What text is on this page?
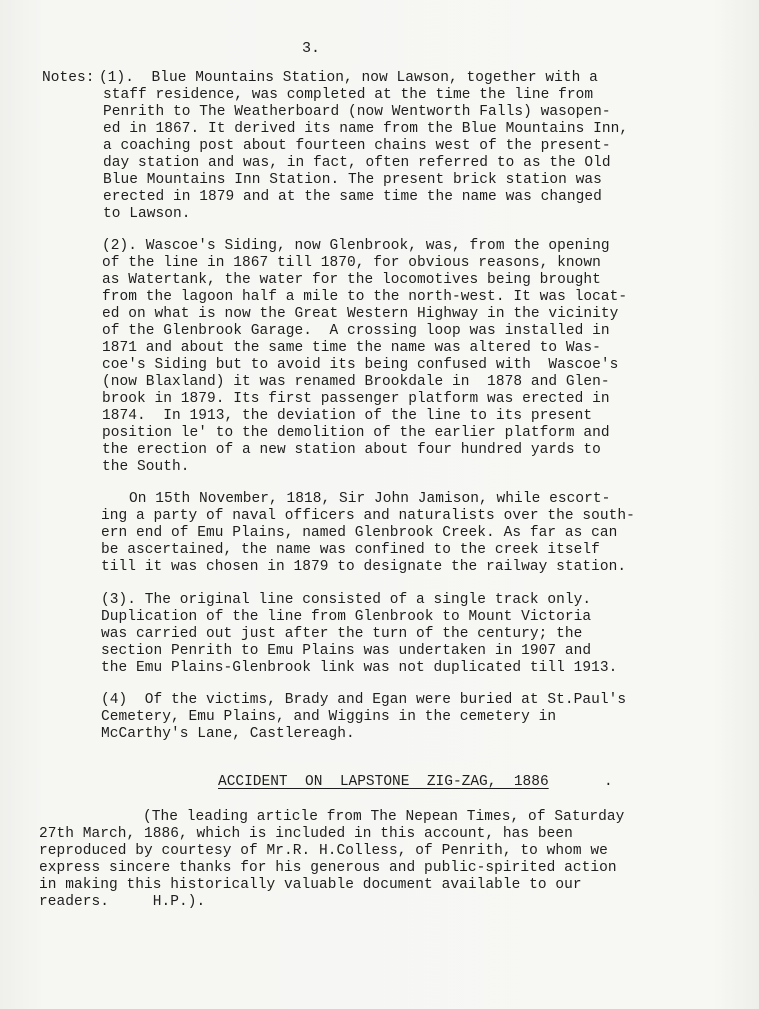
3.
Notes: (1).  Blue Mountains Station, now Lawson, together with a
staff residence, was completed at the time the line from
Penrith to The Weatherboard (now Wentworth Falls) wasopen-
ed in 1867. It derived its name from the Blue Mountains Inn,
a coaching post about fourteen chains west of the present-
day station and was, in fact, often referred to as the Old
Blue Mountains Inn Station. The present brick station was
erected in 1879 and at the same time the name was changed
to Lawson.
(2). Wascoe's Siding, now Glenbrook, was, from the opening
of the line in 1867 till 1870, for obvious reasons, known
as Watertank, the water for the locomotives being brought
from the lagoon half a mile to the north-west. It was locat-
ed on what is now the Great Western Highway in the vicinity
of the Glenbrook Garage.  A crossing loop was installed in
1871 and about the same time the name was altered to Was-
coe's Siding but to avoid its being confused with  Wascoe's
(now Blaxland) it was renamed Brookdale in  1878 and Glen-
brook in 1879. Its first passenger platform was erected in
1874.  In 1913, the deviation of the line to its present
position le' to the demolition of the earlier platform and
the erection of a new station about four hundred yards to
the South.
On 15th November, 1818, Sir John Jamison, while escort-
ing a party of naval officers and naturalists over the south-
ern end of Emu Plains, named Glenbrook Creek. As far as can
be ascertained, the name was confined to the creek itself
till it was chosen in 1879 to designate the railway station.
(3). The original line consisted of a single track only.
Duplication of the line from Glenbrook to Mount Victoria
was carried out just after the turn of the century; the
section Penrith to Emu Plains was undertaken in 1907 and
the Emu Plains-Glenbrook link was not duplicated till 1913.
(4)  Of the victims, Brady and Egan were buried at St.Paul's
Cemetery, Emu Plains, and Wiggins in the cemetery in
McCarthy's Lane, Castlereagh.
ACCIDENT  ON  LAPSTONE  ZIG-ZAG,  1886	.
(The leading article from The Nepean Times, of Saturday
27th March, 1886, which is included in this account, has been
reproduced by courtesy of Mr.R. H.Colless, of Penrith, to whom we
express sincere thanks for his generous and public-spirited action
in making this historically valuable document available to our
readers.     H.P.).
